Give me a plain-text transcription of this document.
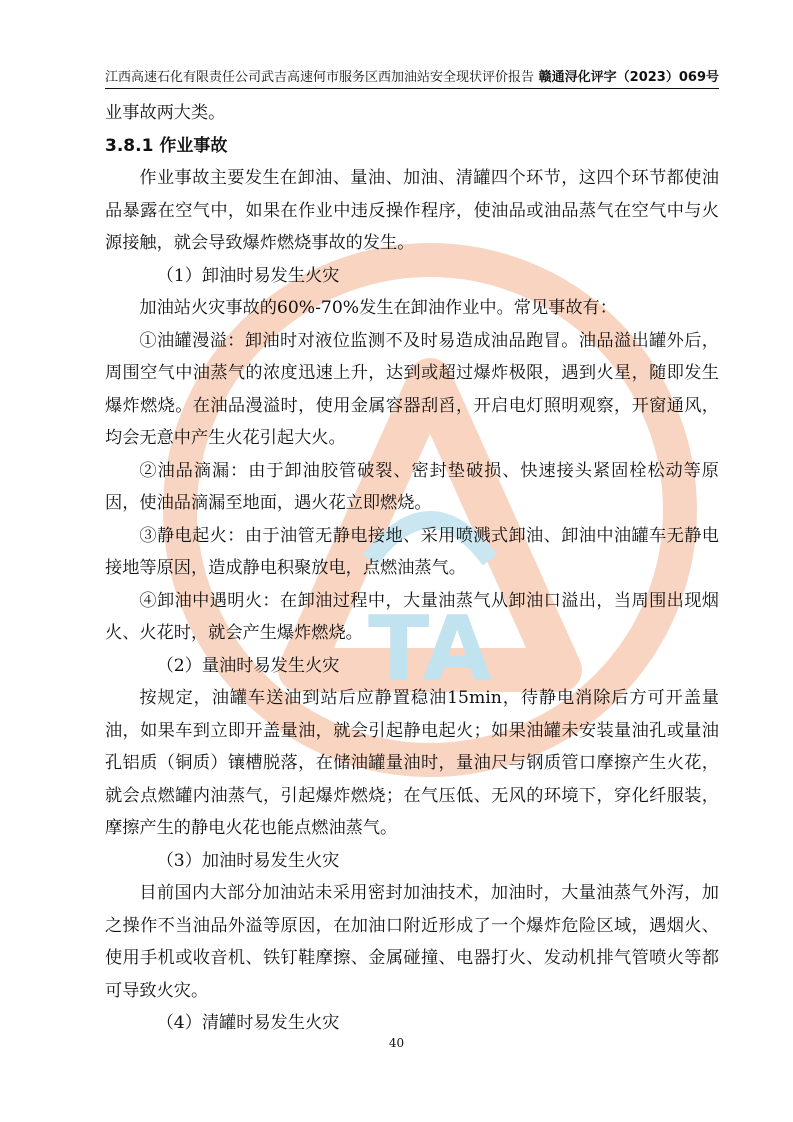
TA
江西高速石化有限责任公司武吉高速何市服务区西加油站安全现状评价报告 赣通浔化评字（2023）069号

业事故两大类。

3.8.1 作业事故

作业事故主要发生在卸油、量油、加油、清罐四个环节，这四个环节都使油品暴露在空气中，如果在作业中违反操作程序，使油品或油品蒸气在空气中与火源接触，就会导致爆炸燃烧事故的发生。

（1）卸油时易发生火灾

加油站火灾事故的60%-70%发生在卸油作业中。常见事故有：

①油罐漫溢：卸油时对液位监测不及时易造成油品跑冒。油品溢出罐外后，周围空气中油蒸气的浓度迅速上升，达到或超过爆炸极限，遇到火星，随即发生爆炸燃烧。在油品漫溢时，使用金属容器刮舀，开启电灯照明观察，开窗通风，均会无意中产生火花引起大火。

②油品滴漏：由于卸油胶管破裂、密封垫破损、快速接头紧固栓松动等原因，使油品滴漏至地面，遇火花立即燃烧。

③静电起火：由于油管无静电接地、采用喷溅式卸油、卸油中油罐车无静电接地等原因，造成静电积聚放电，点燃油蒸气。

④卸油中遇明火：在卸油过程中，大量油蒸气从卸油口溢出，当周围出现烟火、火花时，就会产生爆炸燃烧。

（2）量油时易发生火灾

按规定，油罐车送油到站后应静置稳油15min，待静电消除后方可开盖量油，如果车到立即开盖量油，就会引起静电起火；如果油罐未安装量油孔或量油孔铝质（铜质）镶槽脱落，在储油罐量油时，量油尺与钢质管口摩擦产生火花，就会点燃罐内油蒸气，引起爆炸燃烧；在气压低、无风的环境下，穿化纤服装，摩擦产生的静电火花也能点燃油蒸气。

（3）加油时易发生火灾

目前国内大部分加油站未采用密封加油技术，加油时，大量油蒸气外泻，加之操作不当油品外溢等原因，在加油口附近形成了一个爆炸危险区域，遇烟火、使用手机或收音机、铁钉鞋摩擦、金属碰撞、电器打火、发动机排气管喷火等都可导致火灾。

（4）清罐时易发生火灾

40
